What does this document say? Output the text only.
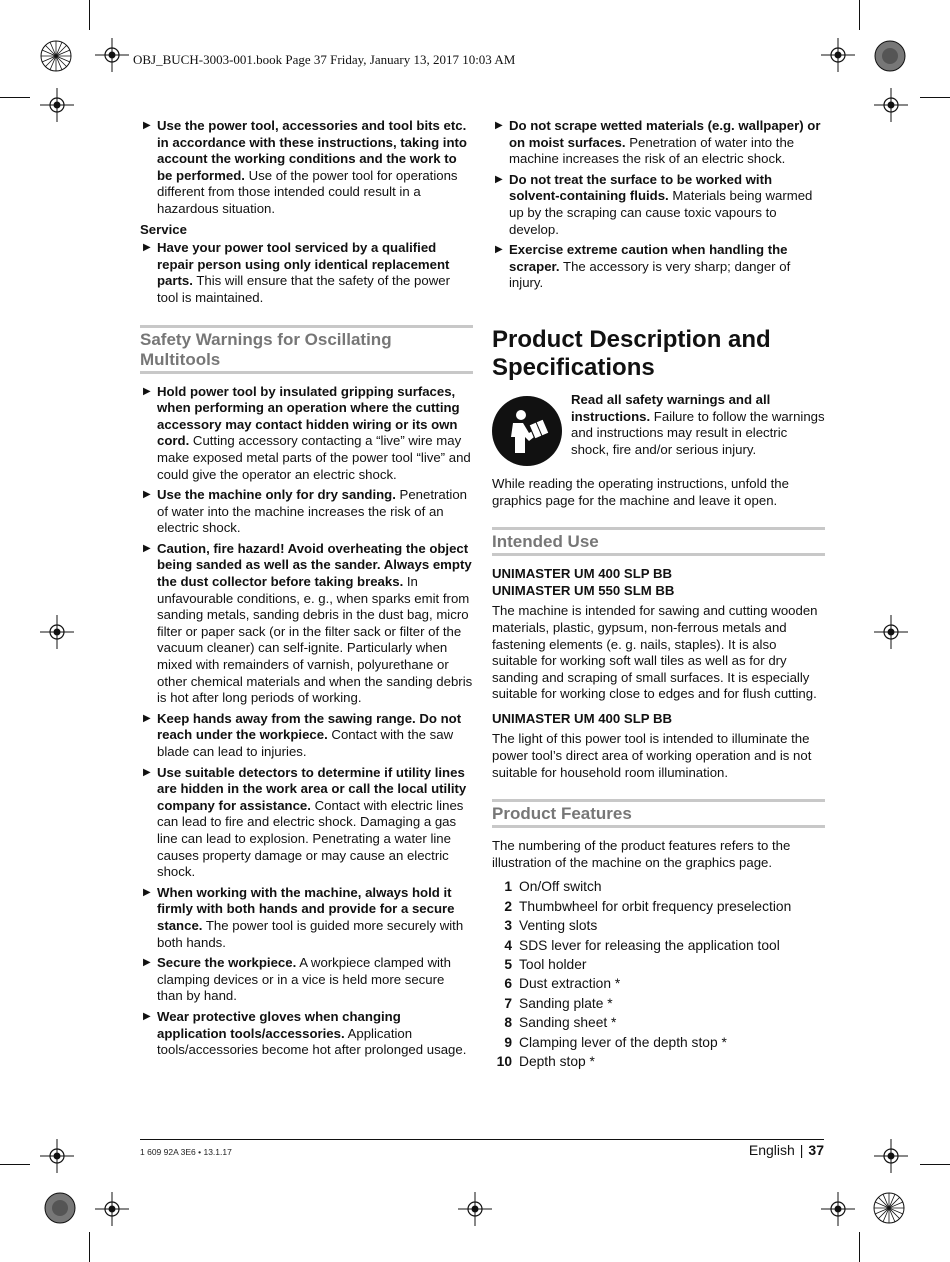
OBJ_BUCH-3003-001.book Page 37 Friday, January 13, 2017 10:03 AM
▶ Use the power tool, accessories and tool bits etc. in accordance with these instructions, taking into account the working conditions and the work to be performed. Use of the power tool for operations different from those intended could result in a hazardous situation.
Service
▶ Have your power tool serviced by a qualified repair person using only identical replacement parts. This will ensure that the safety of the power tool is maintained.
Safety Warnings for Oscillating Multitools
▶ Hold power tool by insulated gripping surfaces, when performing an operation where the cutting accessory may contact hidden wiring or its own cord. Cutting accessory contacting a “live” wire may make exposed metal parts of the power tool “live” and could give the operator an electric shock.
▶ Use the machine only for dry sanding. Penetration of water into the machine increases the risk of an electric shock.
▶ Caution, fire hazard! Avoid overheating the object being sanded as well as the sander. Always empty the dust collector before taking breaks. In unfavourable conditions, e. g., when sparks emit from sanding metals, sanding debris in the dust bag, micro filter or paper sack (or in the filter sack or filter of the vacuum cleaner) can self-ignite. Particularly when mixed with remainders of varnish, polyurethane or other chemical materials and when the sanding debris is hot after long periods of working.
▶ Keep hands away from the sawing range. Do not reach under the workpiece. Contact with the saw blade can lead to injuries.
▶ Use suitable detectors to determine if utility lines are hidden in the work area or call the local utility company for assistance. Contact with electric lines can lead to fire and electric shock. Damaging a gas line can lead to explosion. Penetrating a water line causes property damage or may cause an electric shock.
▶ When working with the machine, always hold it firmly with both hands and provide for a secure stance. The power tool is guided more securely with both hands.
▶ Secure the workpiece. A workpiece clamped with clamping devices or in a vice is held more secure than by hand.
▶ Wear protective gloves when changing application tools/accessories. Application tools/accessories become hot after prolonged usage.
▶ Do not scrape wetted materials (e.g. wallpaper) or on moist surfaces. Penetration of water into the machine increases the risk of an electric shock.
▶ Do not treat the surface to be worked with solvent-containing fluids. Materials being warmed up by the scraping can cause toxic vapours to develop.
▶ Exercise extreme caution when handling the scraper. The accessory is very sharp; danger of injury.
Product Description and Specifications
Read all safety warnings and all instructions. Failure to follow the warnings and instructions may result in electric shock, fire and/or serious injury.

While reading the operating instructions, unfold the graphics page for the machine and leave it open.

Intended Use

UNIMASTER UM 400 SLP BB

UNIMASTER UM 550 SLM BB

The machine is intended for sawing and cutting wooden materials, plastic, gypsum, non-ferrous metals and fastening elements (e. g. nails, staples). It is also suitable for working soft wall tiles as well as for dry sanding and scraping of small surfaces. It is especially suitable for working close to edges and for flush cutting.

UNIMASTER UM 400 SLP BB

The light of this power tool is intended to illuminate the power tool’s direct area of working operation and is not suitable for household room illumination.

Product Features

The numbering of the product features refers to the illustration of the machine on the graphics page.

1 On/Off switch
2 Thumbwheel for orbit frequency preselection
3 Venting slots
4 SDS lever for releasing the application tool
5 Tool holder
6 Dust extraction *
7 Sanding plate *
8 Sanding sheet *
9 Clamping lever of the depth stop *
10 Depth stop *
1 609 92A 3E6 • 13.1.17	English | 37
